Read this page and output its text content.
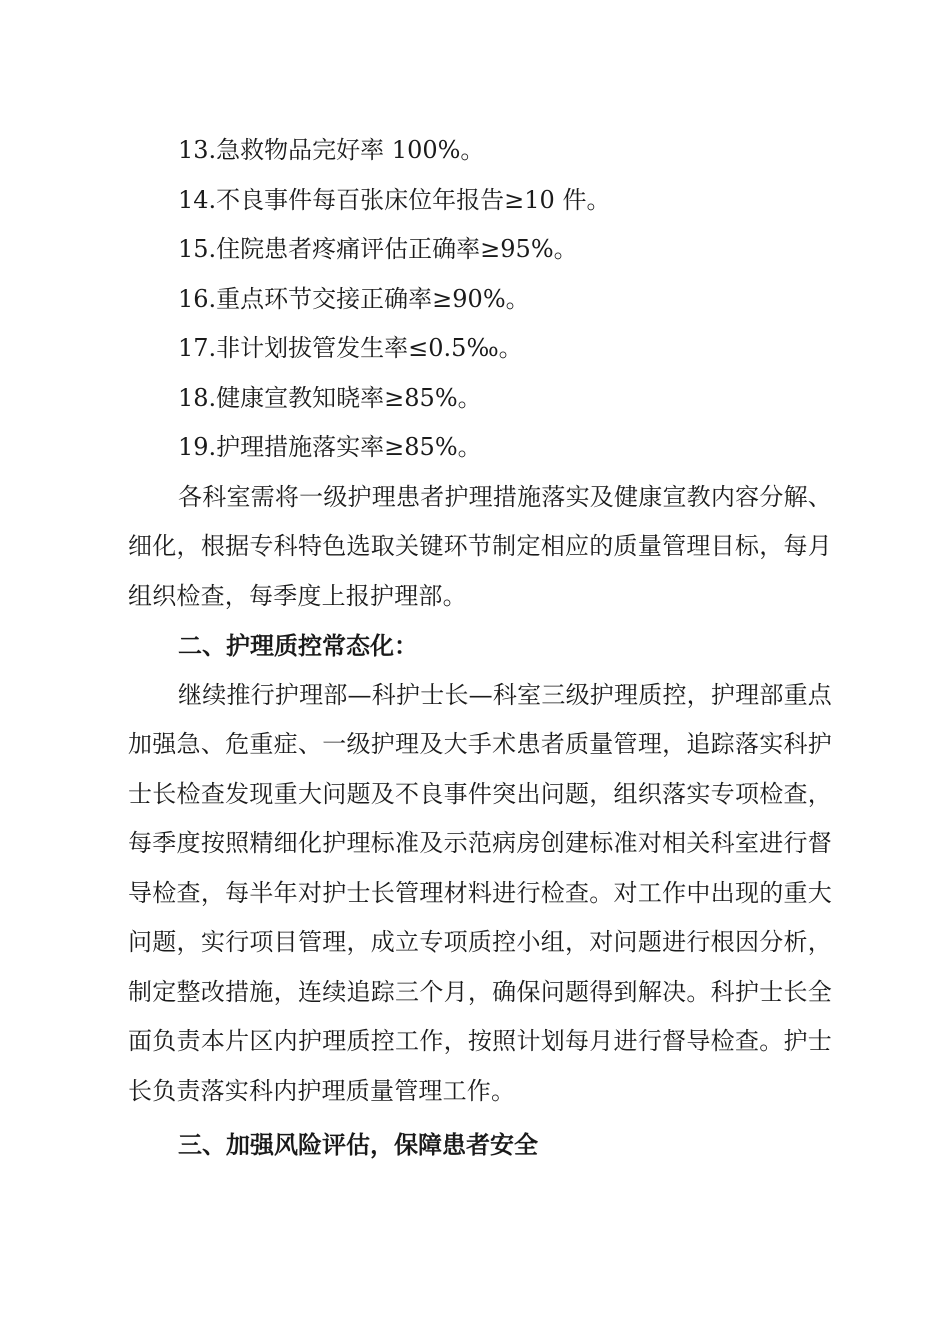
13.急救物品完好率 100%。

14.不良事件每百张床位年报告≥10 件。

15.住院患者疼痛评估正确率≥95%。

16.重点环节交接正确率≥90%。

17.非计划拔管发生率≤0.5‰。

18.健康宣教知晓率≥85%。

19.护理措施落实率≥85%。

各科室需将一级护理患者护理措施落实及健康宣教内容分解、细化，根据专科特色选取关键环节制定相应的质量管理目标，每月组织检查，每季度上报护理部。

二、护理质控常态化：

继续推行护理部—科护士长—科室三级护理质控，护理部重点加强急、危重症、一级护理及大手术患者质量管理，追踪落实科护士长检查发现重大问题及不良事件突出问题，组织落实专项检查，每季度按照精细化护理标准及示范病房创建标准对相关科室进行督导检查，每半年对护士长管理材料进行检查。对工作中出现的重大问题，实行项目管理，成立专项质控小组，对问题进行根因分析，制定整改措施，连续追踪三个月，确保问题得到解决。科护士长全面负责本片区内护理质控工作，按照计划每月进行督导检查。护士长负责落实科内护理质量管理工作。

三、加强风险评估，保障患者安全
